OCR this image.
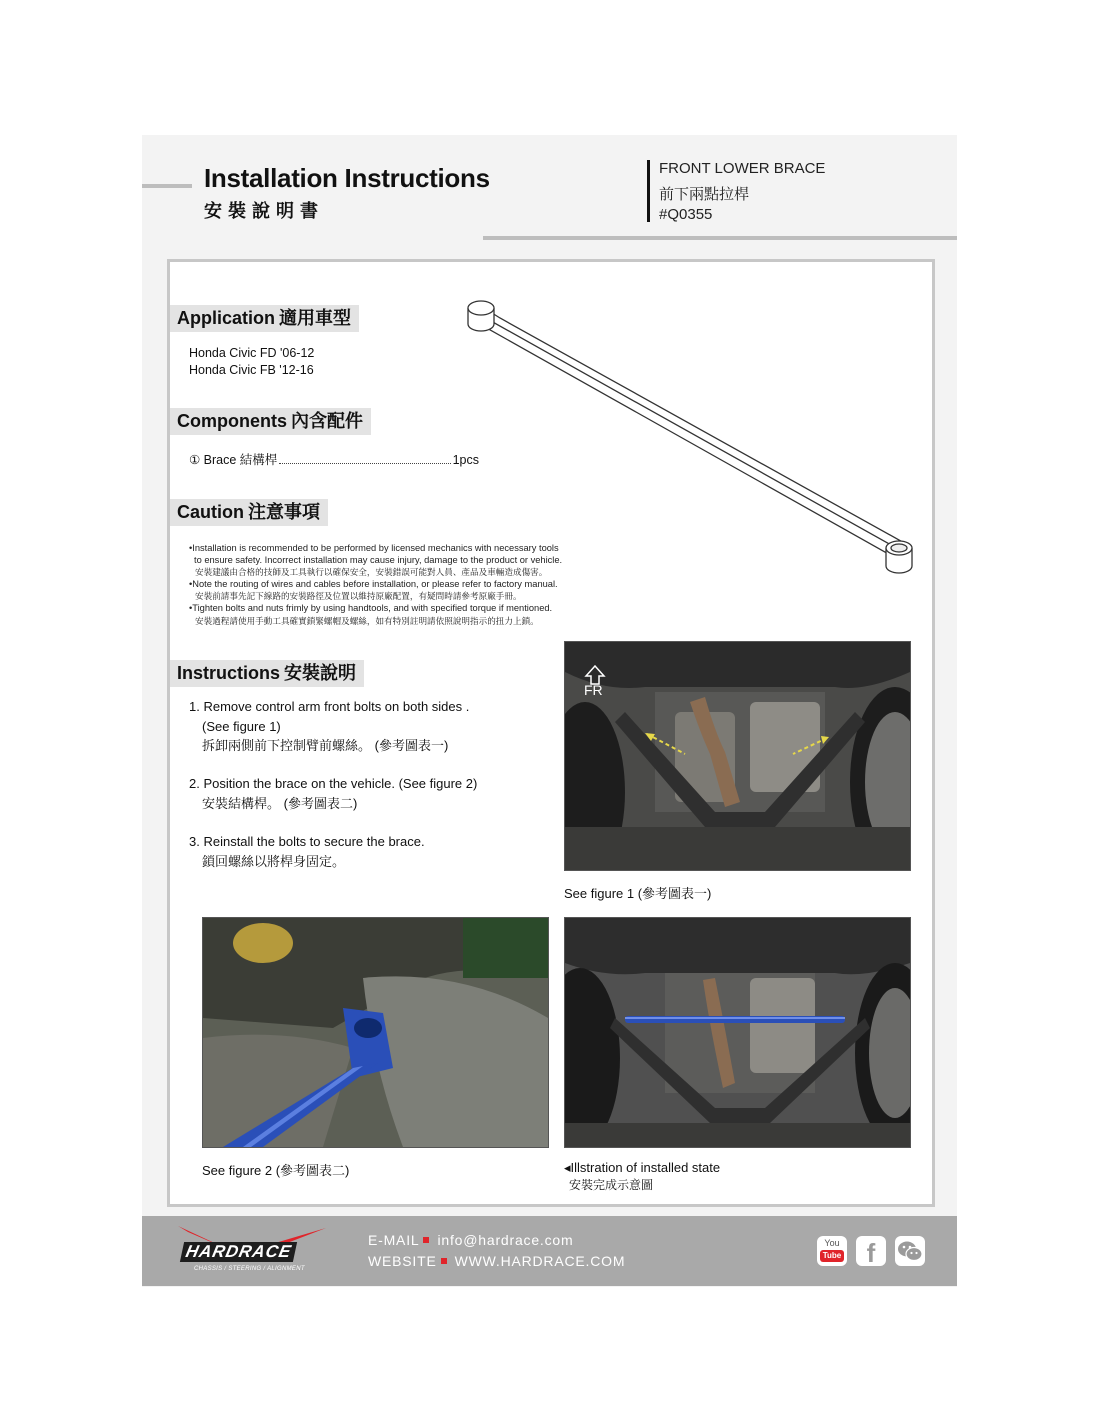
Installation Instructions
安裝說明書
FRONT LOWER BRACE
前下兩點拉桿
#Q0355
Application 適用車型
Honda Civic FD '06-12
Honda Civic FB '12-16
Components 內含配件
① Brace 結構桿	1pcs
Caution 注意事項
•Installation is recommended to be performed by licensed mechanics with necessary tools
to ensure safety. Incorrect installation may cause injury, damage to the product or vehicle.
安裝建議由合格的技師及工具執行以確保安全，安裝錯誤可能對人員、產品及車輛造成傷害。
•Note the routing of wires and cables before installation, or please refer to factory manual.
安裝前請事先記下線路的安裝路徑及位置以維持原廠配置，有疑問時請參考原廠手冊。
•Tighten bolts and nuts frimly by using handtools, and with specified torque if mentioned.
安裝過程請使用手動工具確實鎖緊螺帽及螺絲，如有特別註明請依照說明指示的扭力上鎖。
Instructions 安裝說明
1. Remove control arm front bolts on both sides .
(See figure 1)
拆卸兩側前下控制臂前螺絲。 (參考圖表一)
2. Position the brace on the vehicle. (See figure 2)
安裝結構桿。 (參考圖表二)
3. Reinstall the bolts to secure the brace.
鎖回螺絲以將桿身固定。
FR
See figure 1 (參考圖表一)
See figure 2 (參考圖表二)	◂Illstration of installed state
安裝完成示意圖
HARDRACE
CHASSIS / STEERING / ALIGNMENT
E-MAIL info@hardrace.com
WEBSITE WWW.HARDRACE.COM
You
Tube f
